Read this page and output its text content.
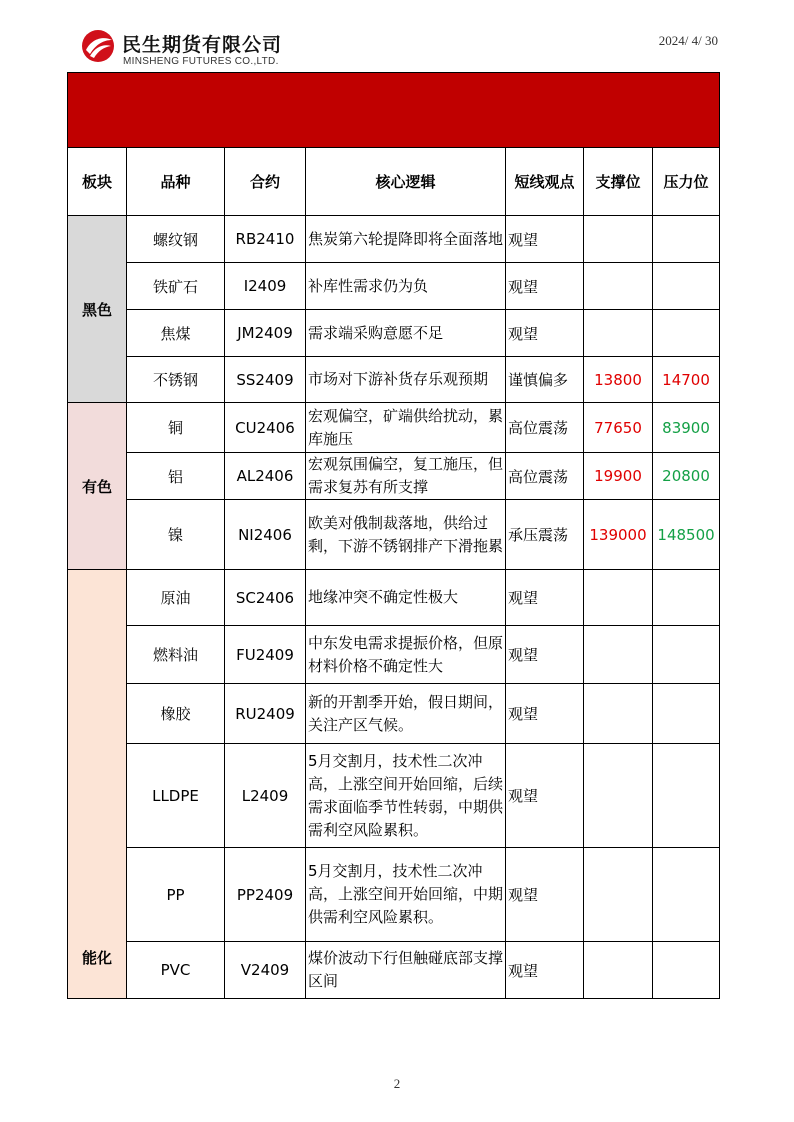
民生期货有限公司
MINSHENG FUTURES CO.,LTD.
2024/ 4/ 30

板块	品种	合约	核心逻辑	短线观点	支撑位	压力位
黑色	螺纹钢	RB2410	焦炭第六轮提降即将全面落地	观望		
	铁矿石	I2409	补库性需求仍为负	观望		
	焦煤	JM2409	需求端采购意愿不足	观望		
	不锈钢	SS2409	市场对下游补货存乐观预期	谨慎偏多	13800	14700
有色	铜	CU2406	宏观偏空，矿端供给扰动，累库施压	高位震荡	77650	83900
	铝	AL2406	宏观氛围偏空，复工施压，但需求复苏有所支撑	高位震荡	19900	20800
	镍	NI2406	欧美对俄制裁落地，供给过剩，下游不锈钢排产下滑拖累	承压震荡	139000	148500
能化	原油	SC2406	地缘冲突不确定性极大	观望		
	燃料油	FU2409	中东发电需求提振价格，但原材料价格不确定性大	观望		
	橡胶	RU2409	新的开割季开始，假日期间，关注产区气候。	观望		
	LLDPE	L2409	5月交割月，技术性二次冲高，上涨空间开始回缩，后续需求面临季节性转弱，中期供需利空风险累积。	观望		
	PP	PP2409	5月交割月，技术性二次冲高，上涨空间开始回缩，中期供需利空风险累积。	观望		
	PVC	V2409	煤价波动下行但触碰底部支撑区间	观望		
2
